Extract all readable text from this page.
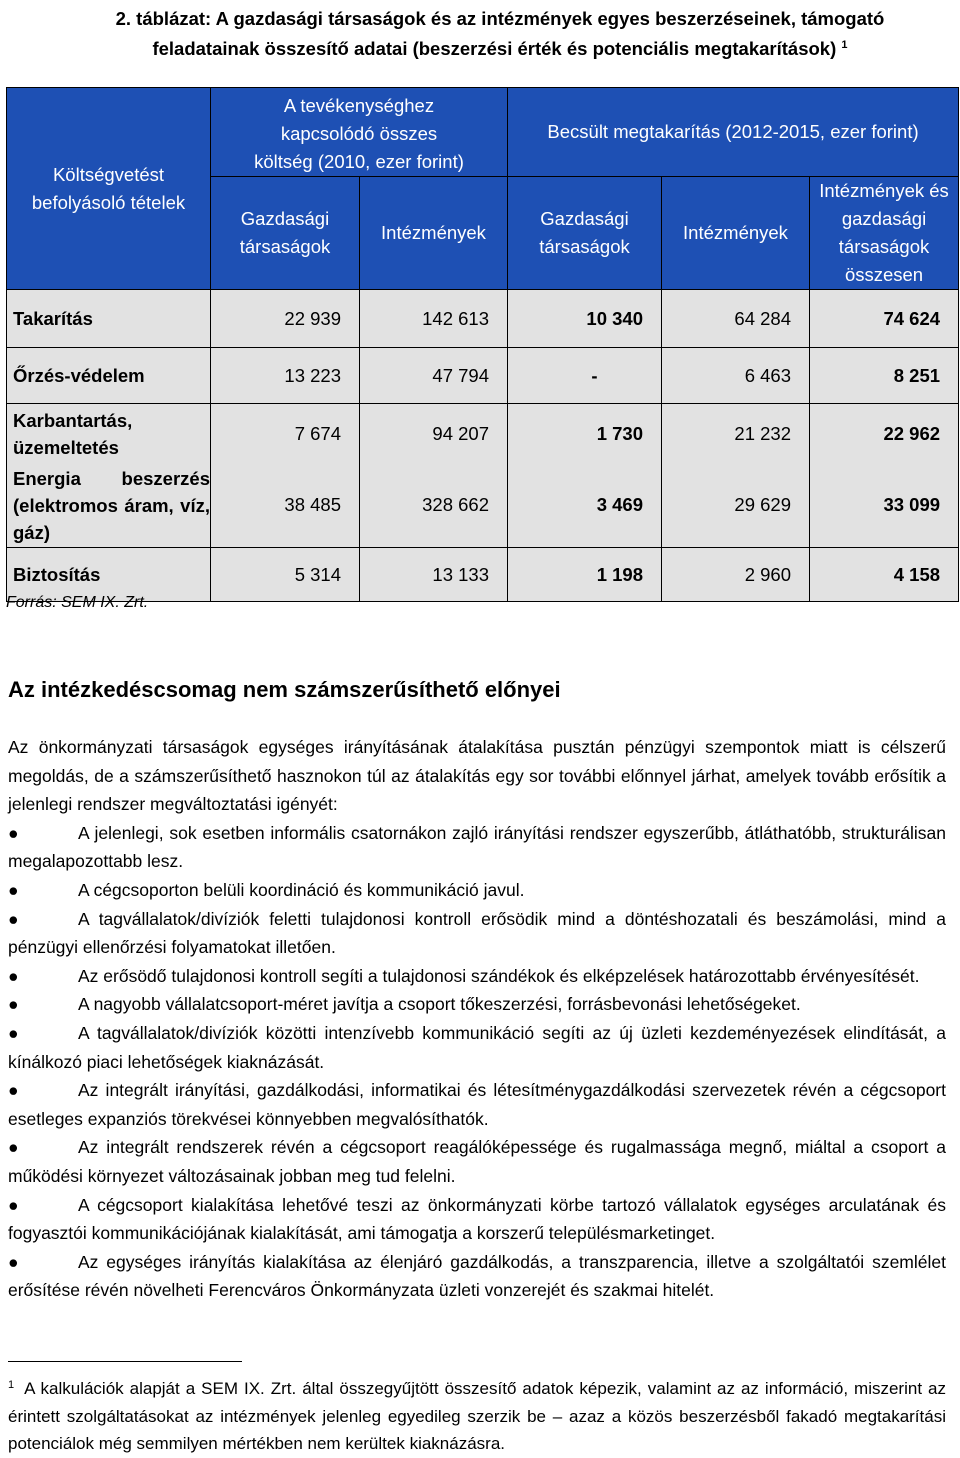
2. táblázat: A gazdasági társaságok és az intézmények egyes beszerzéseinek, támogató feladatainak összesítő adatai (beszerzési érték és potenciális megtakarítások) $^1$
Költségvetést befolyásoló tételek	A tevékenységhez kapcsolódó összes költség (2010, ezer forint)		Becsült megtakarítás (2012-2015, ezer forint)		
	Gazdasági társaságok	Intézmények	Gazdasági társaságok	Intézmények	Intézmények és gazdasági társaságok összesen
Takarítás	22 939	142 613	10 340	64 284	74 624
Őrzés-védelem	13 223	47 794	-	6 463	8 251
Karbantartás, üzemeltetés	7 674	94 207	1 730	21 232	22 962
Energia beszerzés (elektromos áram, víz, gáz)	38 485	328 662	3 469	29 629	33 099
Biztosítás	5 314	13 133	1 198	2 960	4 158
Forrás: SEM IX. Zrt.
Az intézkedéscsomag nem számszerűsíthető előnyei

Az önkormányzati társaságok egységes irányításának átalakítása pusztán pénzügyi szempontok miatt is célszerű megoldás, de a számszerűsíthető hasznokon túl az átalakítás egy sor további előnnyel járhat, amelyek tovább erősítik a jelenlegi rendszer megváltoztatási igényét:

●	A jelenlegi, sok esetben informális csatornákon zajló irányítási rendszer egyszerűbb, átláthatóbb, strukturálisan megalapozottabb lesz.

●	A cégcsoporton belüli koordináció és kommunikáció javul.

●	A tagvállalatok/divíziók feletti tulajdonosi kontroll erősödik mind a döntéshozatali és beszámolási, mind a pénzügyi ellenőrzési folyamatokat illetően.

●	Az erősödő tulajdonosi kontroll segíti a tulajdonosi szándékok és elképzelések határozottabb érvényesítését.

●	A nagyobb vállalatcsoport-méret javítja a csoport tőkeszerzési, forrásbevonási lehetőségeket.

●	A tagvállalatok/divíziók közötti intenzívebb kommunikáció segíti az új üzleti kezdeményezések elindítását, a kínálkozó piaci lehetőségek kiaknázását.

●	Az integrált irányítási, gazdálkodási, informatikai és létesítménygazdálkodási szervezetek révén a cégcsoport esetleges expanziós törekvései könnyebben megvalósíthatók.

●	Az integrált rendszerek révén a cégcsoport reagálóképessége és rugalmassága megnő, miáltal a csoport a működési környezet változásainak jobban meg tud felelni.

●	A cégcsoport kialakítása lehetővé teszi az önkormányzati körbe tartozó vállalatok egységes arculatának és fogyasztói kommunikációjának kialakítását, ami támogatja a korszerű településmarketinget.

●	Az egységes irányítás kialakítása az élenjáró gazdálkodás, a transzparencia, illetve a szolgáltatói szemlélet erősítése révén növelheti Ferencváros Önkormányzata üzleti vonzerejét és szakmai hitelét.

$^1$ A kalkulációk alapját a SEM IX. Zrt. által összegyűjtött összesítő adatok képezik, valamint az az információ, miszerint az érintett szolgáltatásokat az intézmények jelenleg egyedileg szerzik be – azaz a közös beszerzésből fakadó megtakarítási potenciálok még semmilyen mértékben nem kerültek kiaknázásra.
